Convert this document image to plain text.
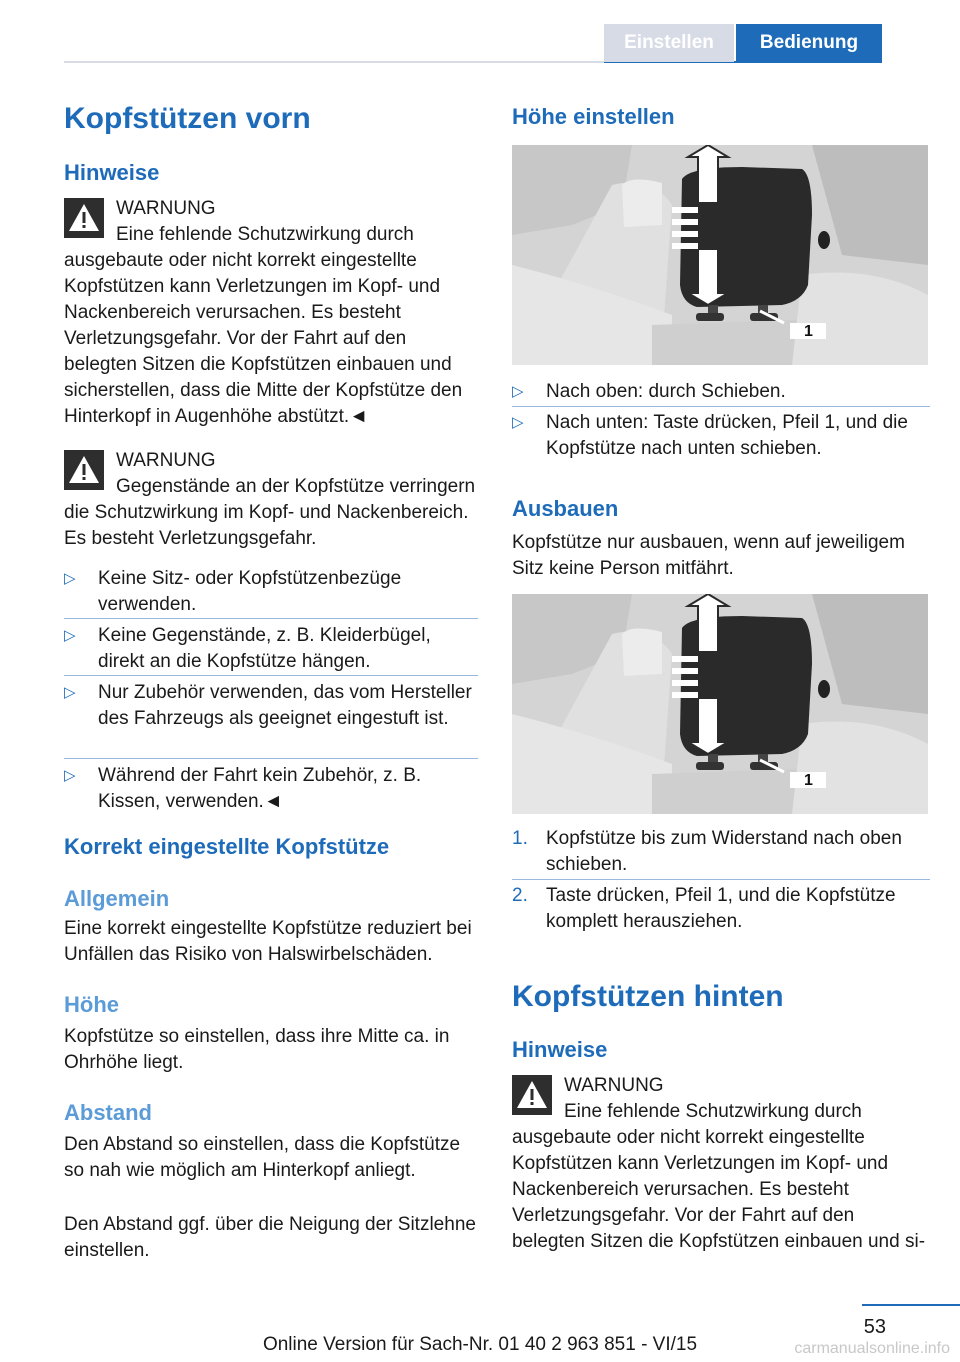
Einstellen	Bedienung
Kopfstützen vorn
Hinweise
WARNUNG
Eine fehlende Schutzwirkung durch ausgebaute oder nicht korrekt eingestellte Kopfstützen kann Verletzungen im Kopf- und Nackenbereich verursachen. Es besteht Verletzungsgefahr. Vor der Fahrt auf den belegten Sitzen die Kopfstützen einbauen und sicherstellen, dass die Mitte der Kopfstütze den Hinterkopf in Augenhöhe abstützt.◄
WARNUNG
Gegenstände an der Kopfstütze verringern die Schutzwirkung im Kopf- und Nackenbereich. Es besteht Verletzungsgefahr.
▷ Keine Sitz- oder Kopfstützenbezüge verwenden.
▷ Keine Gegenstände, z. B. Kleiderbügel, direkt an die Kopfstütze hängen.
▷ Nur Zubehör verwenden, das vom Hersteller des Fahrzeugs als geeignet eingestuft ist.
▷ Während der Fahrt kein Zubehör, z. B. Kissen, verwenden.◄
Korrekt eingestellte Kopfstütze
Allgemein
Eine korrekt eingestellte Kopfstütze reduziert bei Unfällen das Risiko von Halswirbelschäden.
Höhe
Kopfstütze so einstellen, dass ihre Mitte ca. in Ohrhöhe liegt.
Abstand
Den Abstand so einstellen, dass die Kopfstütze so nah wie möglich am Hinterkopf anliegt.
Den Abstand ggf. über die Neigung der Sitzlehne einstellen.
Höhe einstellen
1
▷ Nach oben: durch Schieben.
▷ Nach unten: Taste drücken, Pfeil 1, und die Kopfstütze nach unten schieben.
Ausbauen
Kopfstütze nur ausbauen, wenn auf jeweiligem Sitz keine Person mitfährt.
1
1. Kopfstütze bis zum Widerstand nach oben schieben.
2. Taste drücken, Pfeil 1, und die Kopfstütze komplett herausziehen.
Kopfstützen hinten
Hinweise
WARNUNG
Eine fehlende Schutzwirkung durch ausgebaute oder nicht korrekt eingestellte Kopfstützen kann Verletzungen im Kopf- und Nackenbereich verursachen. Es besteht Verletzungsgefahr. Vor der Fahrt auf den belegten Sitzen die Kopfstützen einbauen und si-
53
Online Version für Sach-Nr. 01 40 2 963 851 - VI/15	carmanualsonline.info
